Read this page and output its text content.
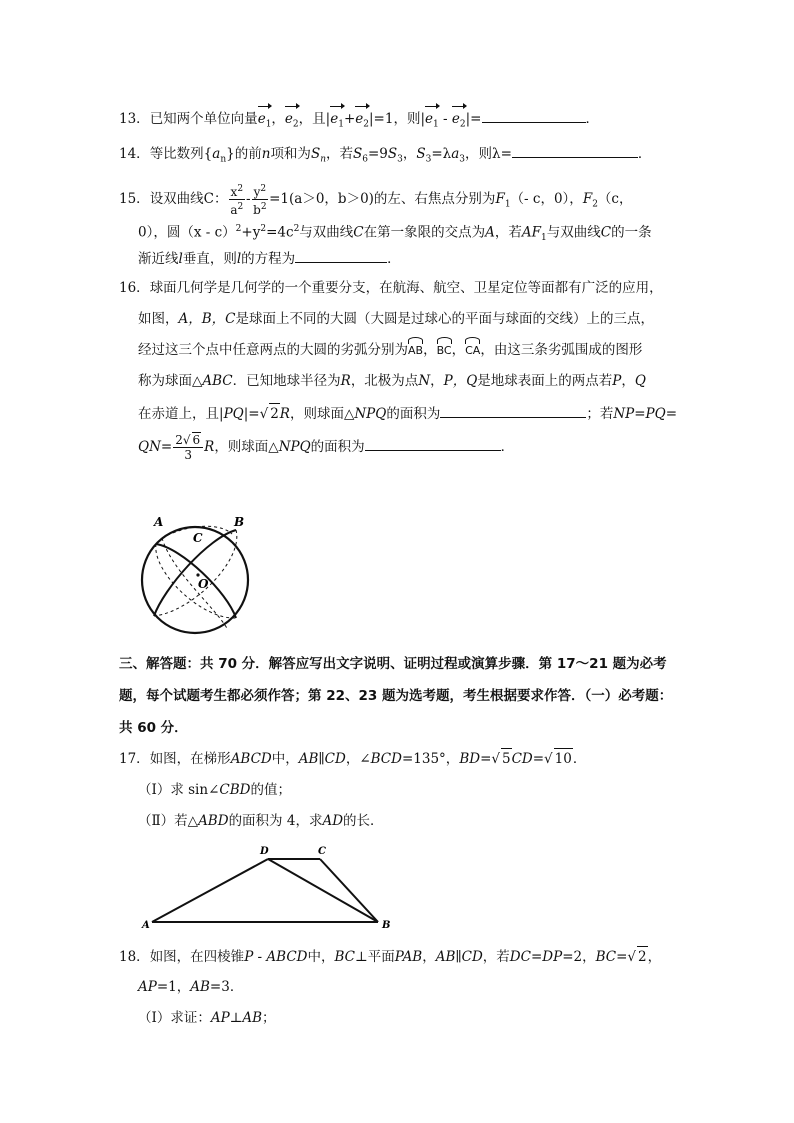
13．已知两个单位向量$e_1$，$e_2$，且$|e_1+e_2|=1$，则$|e_1 - e_2|=$	．
14．等比数列$\{a_n\}$的前n项和为$S_n$，若$S_6=9S_3$，$S_3=\lambda a_3$，则λ=	．
15．设双曲线C： $\frac{x^2}{a^2} - \frac{y^2}{b^2} =1(a>0$，b＞0)的左、右焦点分别为$F_1(-$ c，0），$F_2(c$，
0），圆$(x - c)^2+y^2=4c^2$与双曲线C在第一象限的交点为A，若$AF_1$与双曲线C的一条
渐近线l垂直，则l的方程为	．
16．球面几何学是几何学的一个重要分支，在航海、航空、卫星定位等面都有广泛的应用，
如图，A，B，C是球面上不同的大圆（大圆是过球心的平面与球面的交线）上的三点，
经过这三个点中任意两点的大圆的劣弧分别为AB，BC，CA，由这三条劣弧围成的图形
称为球面△ABC．已知地球半径为R，北极为点N，P，Q是地球表面上的两点若P，Q
在赤道上，且|PQ|=√ 2R，则球面△NPQ的面积为	；若NP=PQ=
$QN= \frac{2√ 6}{3}$ R，则球面△NPQ的面积为	．
A	B
C
O
三、解答题：共 70 分．解答应写出文字说明、证明过程或演算步骤．第 17～21 题为必考
题，每个试题考生都必须作答；第 22、23 题为选考题，考生根据要求作答．（一）必考题：
共 60 分．
17．如图，在梯形ABCD中，AB∥CD，∠BCD=135°，BD=√ 5CD=√ 10．
（Ⅰ）求 sin∠CBD的值；
（Ⅱ）若△ABD的面积为 4，求AD的长．
A	B
C
D
18．如图，在四棱锥P - ABCD中，BC⊥平面PAB，AB∥CD，若DC=DP=2，BC=√ 2，
AP=1，AB=3．
（Ⅰ）求证：AP⊥AB；
